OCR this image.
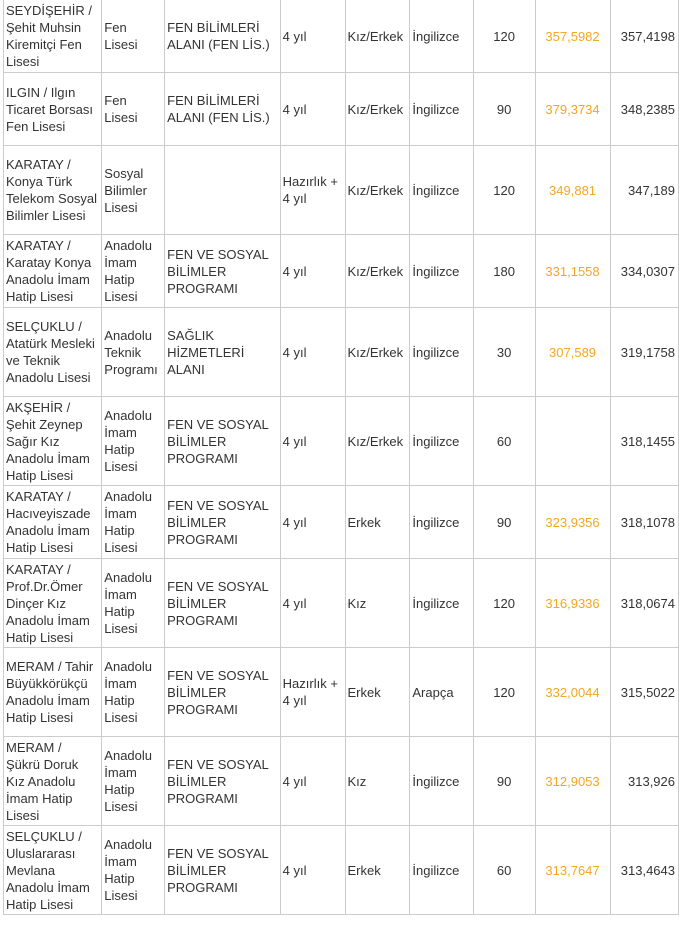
SEYDİŞEHİR / Şehit Muhsin Kiremitçi Fen Lisesi	Fen Lisesi	FEN BİLİMLERİ ALANI (FEN LİS.)	4 yıl	Kız/Erkek	İngilizce	120	357,5982	357,4198
ILGIN / Ilgın Ticaret Borsası Fen Lisesi	Fen Lisesi	FEN BİLİMLERİ ALANI (FEN LİS.)	4 yıl	Kız/Erkek	İngilizce	90	379,3734	348,2385
KARATAY / Konya Türk Telekom Sosyal Bilimler Lisesi	Sosyal Bilimler Lisesi		Hazırlık + 4 yıl	Kız/Erkek	İngilizce	120	349,881	347,189
KARATAY / Karatay Konya Anadolu İmam Hatip Lisesi	Anadolu İmam Hatip Lisesi	FEN VE SOSYAL BİLİMLER PROGRAMI	4 yıl	Kız/Erkek	İngilizce	180	331,1558	334,0307
SELÇUKLU / Atatürk Mesleki ve Teknik Anadolu Lisesi	Anadolu Teknik Programı	SAĞLIK HİZMETLERİ ALANI	4 yıl	Kız/Erkek	İngilizce	30	307,589	319,1758
AKŞEHİR / Şehit Zeynep Sağır Kız Anadolu İmam Hatip Lisesi	Anadolu İmam Hatip Lisesi	FEN VE SOSYAL BİLİMLER PROGRAMI	4 yıl	Kız/Erkek	İngilizce	60		318,1455
KARATAY / Hacıveyiszade Anadolu İmam Hatip Lisesi	Anadolu İmam Hatip Lisesi	FEN VE SOSYAL BİLİMLER PROGRAMI	4 yıl	Erkek	İngilizce	90	323,9356	318,1078
KARATAY / Prof.Dr.Ömer Dinçer Kız Anadolu İmam Hatip Lisesi	Anadolu İmam Hatip Lisesi	FEN VE SOSYAL BİLİMLER PROGRAMI	4 yıl	Kız	İngilizce	120	316,9336	318,0674
MERAM / Tahir Büyükkörükçü Anadolu İmam Hatip Lisesi	Anadolu İmam Hatip Lisesi	FEN VE SOSYAL BİLİMLER PROGRAMI	Hazırlık + 4 yıl	Erkek	Arapça	120	332,0044	315,5022
MERAM / Şükrü Doruk Kız Anadolu İmam Hatip Lisesi	Anadolu İmam Hatip Lisesi	FEN VE SOSYAL BİLİMLER PROGRAMI	4 yıl	Kız	İngilizce	90	312,9053	313,926
SELÇUKLU / Uluslararası Mevlana Anadolu İmam Hatip Lisesi	Anadolu İmam Hatip Lisesi	FEN VE SOSYAL BİLİMLER PROGRAMI	4 yıl	Erkek	İngilizce	60	313,7647	313,4643
